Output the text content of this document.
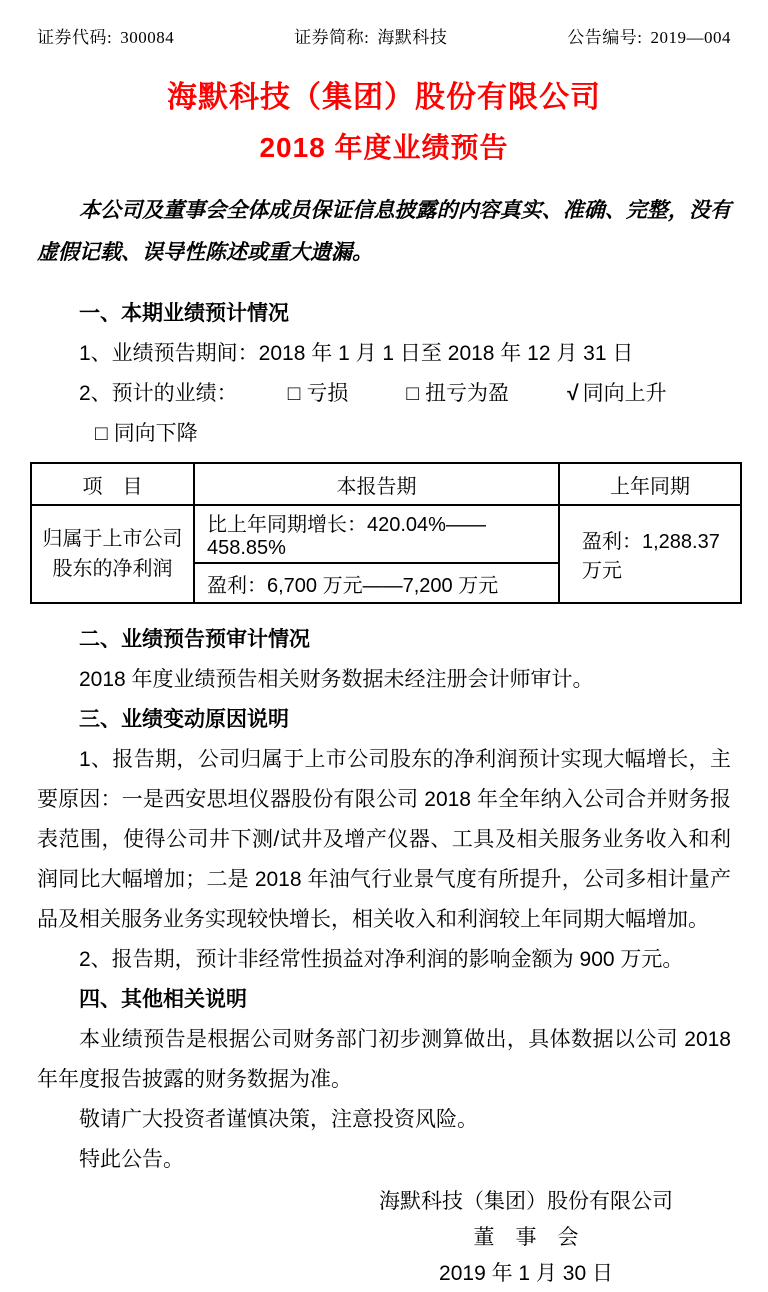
证券代码: 300084	证券简称: 海默科技	公告编号: 2019—004
海默科技（集团）股份有限公司
2018 年度业绩预告

本公司及董事会全体成员保证信息披露的内容真实、准确、完整，没有虚假记载、误导性陈述或重大遗漏。

一、本期业绩预计情况

1、业绩预告期间：2018 年 1 月 1 日至 2018 年 12 月 31 日

2、预计的业绩： □ 亏损	□ 扭亏为盈	√ 同向上升□ 同向下降

项　目	本报告期	上年同期
归属于上市公司股东的净利润	比上年同期增长：420.04%——458.85%	盈利：1,288.37 万元
	盈利：6,700 万元——7,200 万元	

二、业绩预告预审计情况

2018 年度业绩预告相关财务数据未经注册会计师审计。

三、业绩变动原因说明

1、报告期，公司归属于上市公司股东的净利润预计实现大幅增长，主要原因：一是西安思坦仪器股份有限公司 2018 年全年纳入公司合并财务报表范围，使得公司井下测/试井及增产仪器、工具及相关服务业务收入和利润同比大幅增加；二是 2018 年油气行业景气度有所提升，公司多相计量产品及相关服务业务实现较快增长，相关收入和利润较上年同期大幅增加。

2、报告期，预计非经常性损益对净利润的影响金额为 900 万元。

四、其他相关说明

本业绩预告是根据公司财务部门初步测算做出，具体数据以公司 2018 年年度报告披露的财务数据为准。

敬请广大投资者谨慎决策，注意投资风险。

特此公告。

海默科技（集团）股份有限公司
董　事　会
2019 年 1 月 30 日
